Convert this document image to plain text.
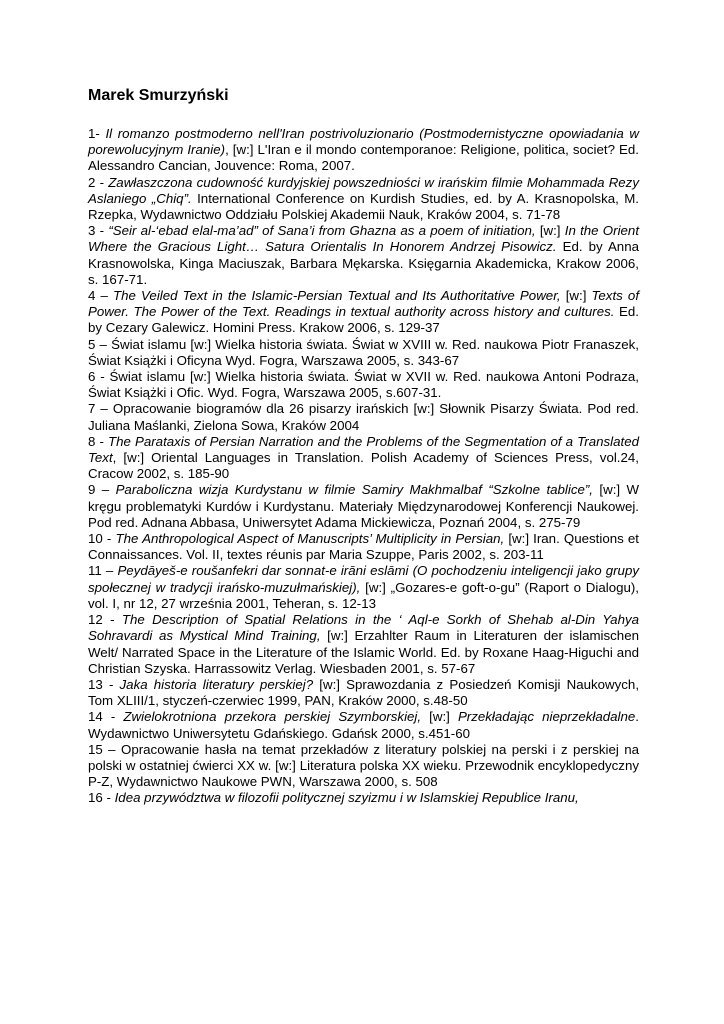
Marek Smurzyński

1- Il romanzo postmoderno nell'Iran postrivoluzionario (Postmodernistyczne opowiadania w porewolucyjnym Iranie), [w:] L'Iran e il mondo contemporanoe: Religione, politica, societ? Ed. Alessandro Cancian, Jouvence: Roma, 2007.

2 - Zawłaszczona cudowność kurdyjskiej powszedniości w irańskim filmie Mohammada Rezy Aslaniego „Chiq”. International Conference on Kurdish Studies, ed. by A. Krasnopolska, M. Rzepka, Wydawnictwo Oddziału Polskiej Akademii Nauk, Kraków 2004, s. 71-78

3 - “Seir al-‘ebad elal-ma’ad” of Sana’i from Ghazna as a poem of initiation, [w:] In the Orient Where the Gracious Light… Satura Orientalis In Honorem Andrzej Pisowicz. Ed. by Anna Krasnowolska, Kinga Maciuszak, Barbara Mękarska. Księgarnia Akademicka, Krakow 2006, s. 167-71.

4 – The Veiled Text in the Islamic-Persian Textual and Its Authoritative Power, [w:] Texts of Power. The Power of the Text. Readings in textual authority across history and cultures. Ed. by Cezary Galewicz. Homini Press. Krakow 2006, s. 129-37

5 – Świat islamu [w:] Wielka historia świata. Świat w XVIII w. Red. naukowa Piotr Franaszek, Świat Książki i Oficyna Wyd. Fogra, Warszawa 2005, s. 343-67

6 - Świat islamu [w:] Wielka historia świata. Świat w XVII w. Red. naukowa Antoni Podraza, Świat Książki i Ofic. Wyd. Fogra, Warszawa 2005, s.607-31.

7 – Opracowanie biogramów dla 26 pisarzy irańskich [w:] Słownik Pisarzy Świata. Pod red. Juliana Maślanki, Zielona Sowa, Kraków 2004

8 - The Parataxis of Persian Narration and the Problems of the Segmentation of a Translated Text, [w:] Oriental Languages in Translation. Polish Academy of Sciences Press, vol.24, Cracow 2002, s. 185-90

9 – Paraboliczna wizja Kurdystanu w filmie Samiry Makhmalbaf “Szkolne tablice”, [w:] W kręgu problematyki Kurdów i Kurdystanu. Materiały Międzynarodowej Konferencji Naukowej. Pod red. Adnana Abbasa, Uniwersytet Adama Mickiewicza, Poznań 2004, s. 275-79

10 - The Anthropological Aspect of Manuscripts’ Multiplicity in Persian, [w:] Iran. Questions et Connaissances. Vol. II, textes réunis par Maria Szuppe, Paris 2002, s. 203-11

11 – Peydāyeš-e roušanfekri dar sonnat-e irāni eslāmi (O pochodzeniu inteligencji jako grupy społecznej w tradycji irańsko-muzułmańskiej), [w:] „Gozares-e goft-o-gu” (Raport o Dialogu), vol. I, nr 12, 27 września 2001, Teheran, s. 12-13

12 - The Description of Spatial Relations in the ‘ Aql-e Sorkh of Shehab al-Din Yahya Sohravardi as Mystical Mind Training, [w:] Erzahlter Raum in Literaturen der islamischen Welt/ Narrated Space in the Literature of the Islamic World. Ed. by Roxane Haag-Higuchi and Christian Szyska. Harrassowitz Verlag. Wiesbaden 2001, s. 57-67

13 - Jaka historia literatury perskiej? [w:] Sprawozdania z Posiedzeń Komisji Naukowych, Tom XLIII/1, styczeń-czerwiec 1999, PAN, Kraków 2000, s.48-50

14 - Zwielokrotniona przekora perskiej Szymborskiej, [w:] Przekładając nieprzekładalne. Wydawnictwo Uniwersytetu Gdańskiego. Gdańsk 2000, s.451-60

15 – Opracowanie hasła na temat przekładów z literatury polskiej na perski i z perskiej na polski w ostatniej ćwierci XX w. [w:] Literatura polska XX wieku. Przewodnik encyklopedyczny P-Z, Wydawnictwo Naukowe PWN, Warszawa 2000, s. 508

16 - Idea przywództwa w filozofii politycznej szyizmu i w Islamskiej Republice Iranu,
